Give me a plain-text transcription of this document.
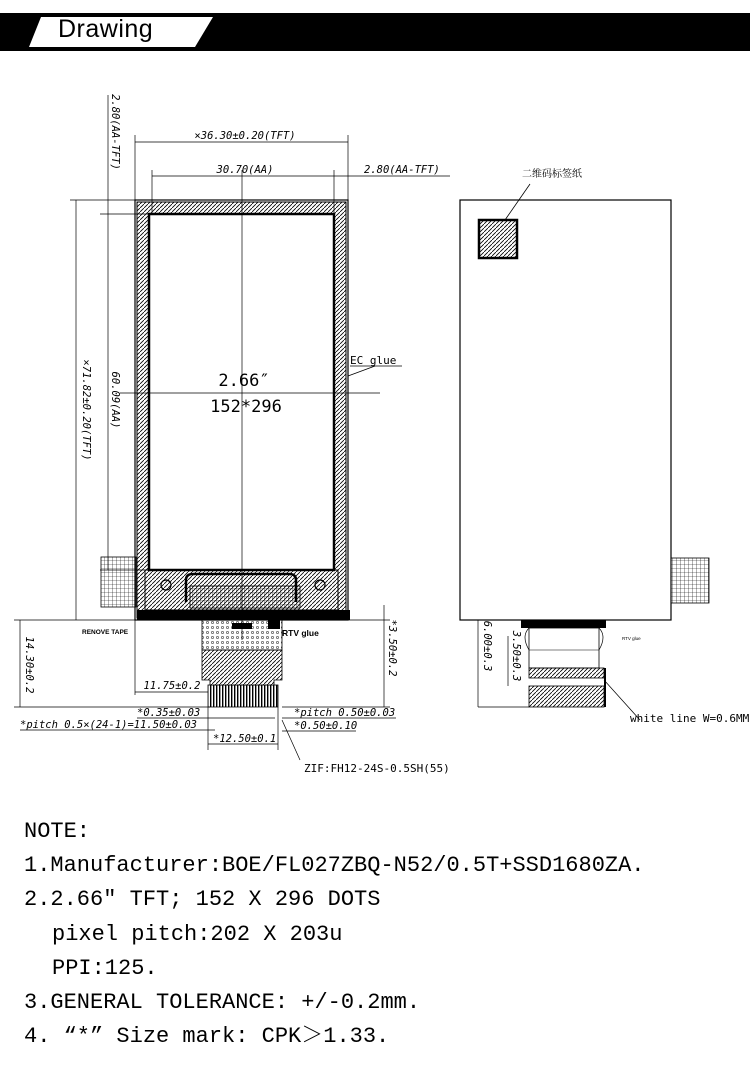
Drawing
EC glue
2.66″
152*296
RENOVE TAPE	RTV glue
×36.30±0.20(TFT)
30.70(AA)	2.80(AA-TFT)
×71.82±0.20(TFT) 60.09(AA)
2.80(AA-TFT)
14.30±0.2	11.75±0.2
*0.35±0.03
*pitch 0.5×(24-1)=11.50±0.03
*pitch 0.50±0.03
*0.50±0.10
*12.50±0.1
ZIF:FH12-24S-0.5SH(55)
*3.50±0.2
二维码标签纸
RTV glue
6.00±0.3 3.50±0.3
white line W=0.6MM
NOTE:
1.Manufacturer:BOE/FL027ZBQ-N52/0.5T+SSD1680ZA.
2.2.66″ TFT; 152 X 296 DOTS
pixel pitch:202 X 203u
PPI:125.
3.GENERAL TOLERANCE: +/-0.2mm.
4. “*” Size mark: CPK＞1.33.
